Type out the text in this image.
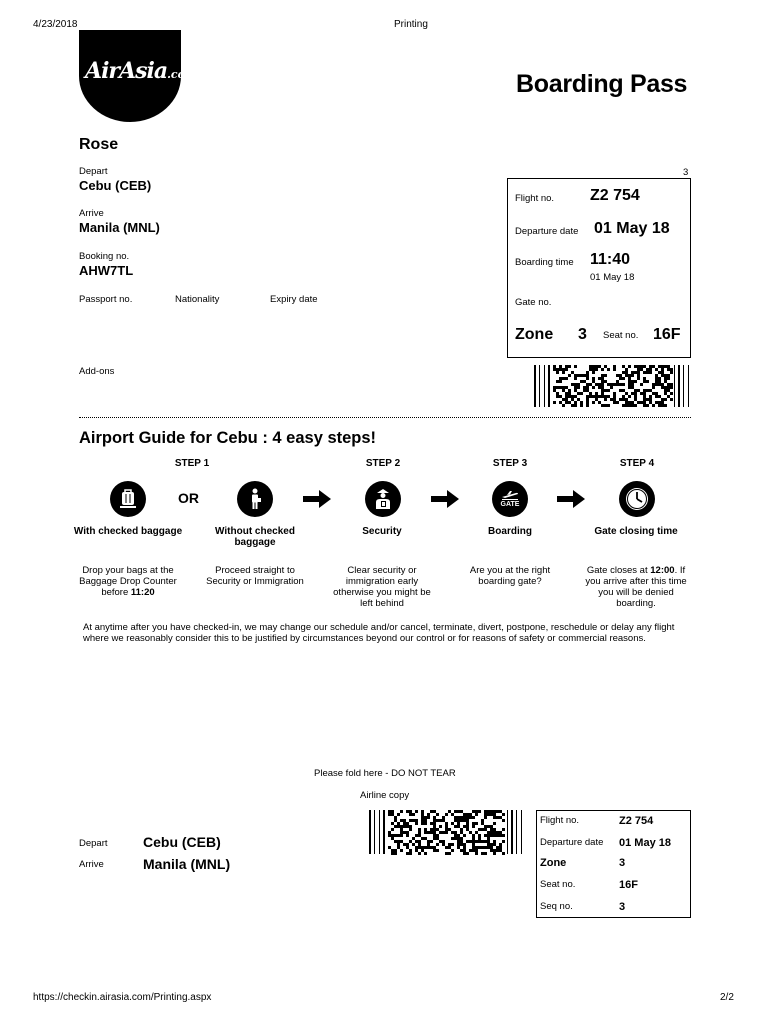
4/23/2018	Printing
https://checkin.airasia.com/Printing.aspx	2/2
AirAsia.com	Boarding Pass
Rose
Depart
Cebu (CEB)
Arrive
Manila (MNL)
Booking no.
AHW7TL
Passport no.	Nationality	Expiry date
Add-ons
3
Flight no. Z2 754
Departure date 01 May 18
Boarding time 11:40
01 May 18
Gate no.
Zone 3 Seat no. 16F
Airport Guide for Cebu : 4 easy steps!
STEP 1	STEP 2	STEP 3	STEP 4
OR	GATE
With checked baggage	Without checked baggage
Security	Boarding	Gate closing time
Drop your bags at the Baggage Drop Counter before 11:20
Proceed straight to Security or Immigration
Clear security or immigration early otherwise you might be left behind
Are you at the right boarding gate?
Gate closes at 12:00. If you arrive after this time you will be denied boarding.
At anytime after you have checked-in, we may change our schedule and/or cancel, terminate, divert, postpone, reschedule or delay any flight where we reasonably consider this to be justified by circumstances beyond our control or for reasons of safety or commercial reasons.
Please fold here - DO NOT TEAR
Airline copy
Depart	Cebu (CEB)
Arrive	Manila (MNL)
Flight no.	Z2 754
Departure date 01 May 18
Zone	3
Seat no.	16F
Seq no.	3
